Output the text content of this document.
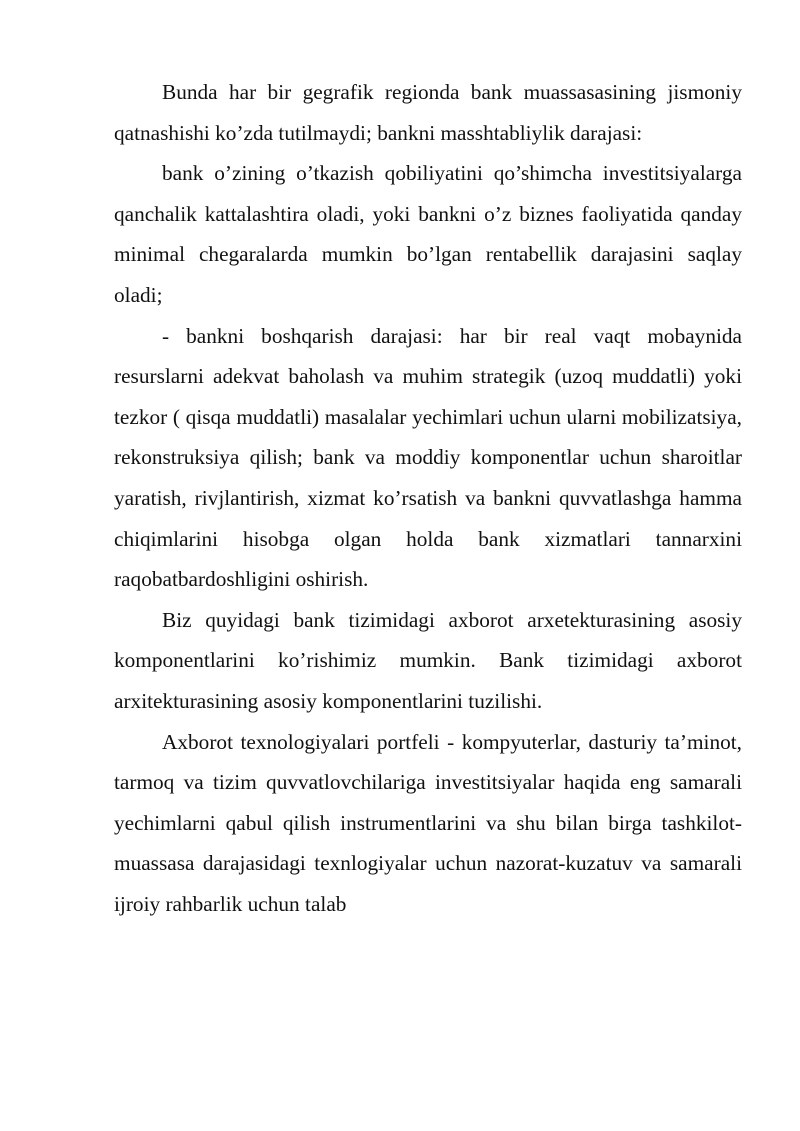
Bunda har bir gegrafik regionda bank muassasasining jismoniy qatnashishi ko’zda tutilmaydi; bankni masshtabliylik darajasi:

bank o’zining o’tkazish qobiliyatini qo’shimcha investitsiyalarga qanchalik kattalashtira oladi, yoki bankni o’z biznes faoliyatida qanday minimal chegaralarda mumkin bo’lgan rentabellik darajasini saqlay oladi;

- bankni boshqarish darajasi: har bir real vaqt mobaynida resurslarni adekvat baholash va muhim strategik (uzoq muddatli) yoki tezkor ( qisqa muddatli) masalalar yechimlari uchun ularni mobilizatsiya, rekonstruksiya qilish; bank va moddiy komponentlar uchun sharoitlar yaratish, rivjlantirish, xizmat ko’rsatish va bankni quvvatlashga hamma chiqimlarini hisobga olgan holda bank xizmatlari tannarxini raqobatbardoshligini oshirish.

Biz quyidagi bank tizimidagi axborot arxetekturasining asosiy komponentlarini ko’rishimiz mumkin. Bank tizimidagi axborot arxitekturasining asosiy komponentlarini tuzilishi.

Axborot texnologiyalari portfeli - kompyuterlar, dasturiy ta’minot, tarmoq va tizim quvvatlovchilariga investitsiyalar haqida eng samarali yechimlarni qabul qilish instrumentlarini va shu bilan birga tashkilot-muassasa darajasidagi texnlogiyalar uchun nazorat-kuzatuv va samarali ijroiy rahbarlik uchun talab
